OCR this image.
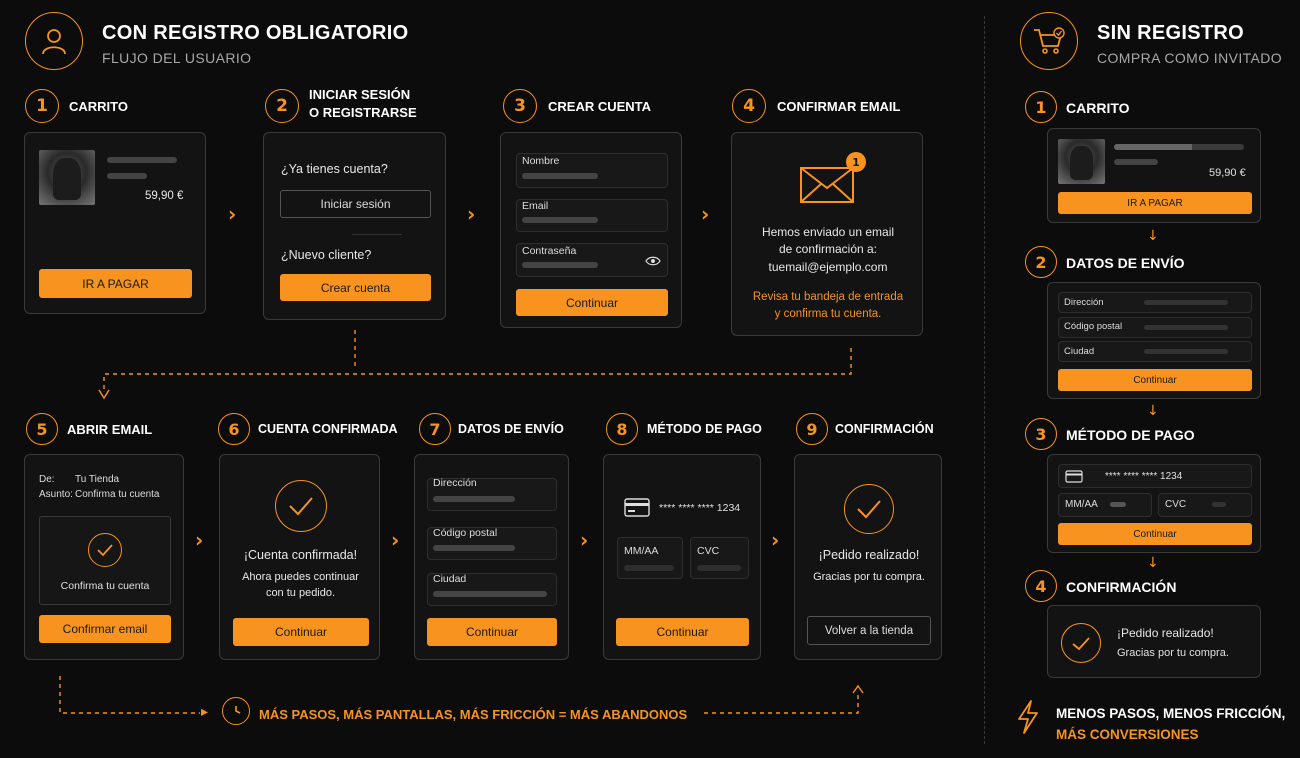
CON REGISTRO OBLIGATORIO
FLUJO DEL USUARIO
1	CARRITO	2
INICIAR SESIÓN
O REGISTRARSE	3	CREAR CUENTA	4	CONFIRMAR EMAIL
59,90 €
IR A PAGAR
›
¿Ya tienes cuenta?
Iniciar sesión
¿Nuevo cliente?
Crear cuenta
›
Nombre
Email
Contraseña
Continuar
›
1
Hemos enviado un email
de confirmación a:
tuemail@ejemplo.com
Revisa tu bandeja de entrada
y confirma tu cuenta.
▸
5	ABRIR EMAIL	6	CUENTA CONFIRMADA	7	DATOS DE ENVÍO	8	MÉTODO DE PAGO	9	CONFIRMACIÓN
De: Tu Tienda
Asunto: Confirma tu cuenta
Confirma tu cuenta
Confirmar email
›
¡Cuenta confirmada!
Ahora puedes continuar
con tu pedido.
Continuar
›
Dirección
Código postal
Ciudad
Continuar
›
**** **** **** 1234
MM/AA	CVC
Continuar
›
¡Pedido realizado!
Gracias por tu compra.
Volver a la tienda
MÁS PASOS, MÁS PANTALLAS, MÁS FRICCIÓN = MÁS ABANDONOS
SIN REGISTRO
COMPRA COMO INVITADO
1	CARRITO
59,90 €
IR A PAGAR
↓
2	DATOS DE ENVÍO
Dirección
Código postal
Ciudad
Continuar
↓
3	MÉTODO DE PAGO
**** **** **** 1234
MM/AA	CVC
Continuar
↓
4	CONFIRMACIÓN
¡Pedido realizado!
Gracias por tu compra.
MENOS PASOS, MENOS FRICCIÓN,
MÁS CONVERSIONES
